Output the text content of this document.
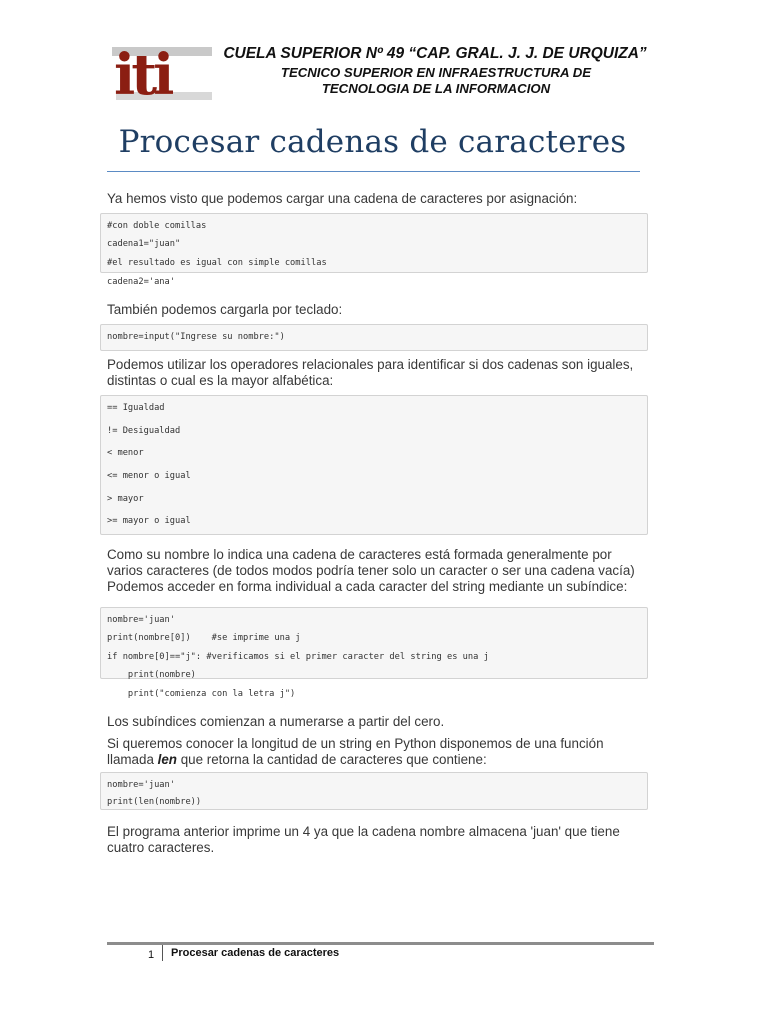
iti	CUELA SUPERIOR Nº 49 “CAP. GRAL. J. J. DE URQUIZA”
TECNICO SUPERIOR EN INFRAESTRUCTURA DE
TECNOLOGIA DE LA INFORMACION
Procesar cadenas de caracteres
Ya hemos visto que podemos cargar una cadena de caracteres por asignación:
#con doble comillas
cadena1="juan"
#el resultado es igual con simple comillas
cadena2='ana'
También podemos cargarla por teclado:
nombre=input("Ingrese su nombre:")
Podemos utilizar los operadores relacionales para identificar si dos cadenas son iguales, distintas o cual es la mayor alfabética:
== Igualdad
!= Desigualdad
< menor
<= menor o igual
> mayor
>= mayor o igual
Como su nombre lo indica una cadena de caracteres está formada generalmente por varios caracteres (de todos modos podría tener solo un caracter o ser una cadena vacía) Podemos acceder en forma individual a cada caracter del string mediante un subíndice:
nombre='juan'
print(nombre[0])    #se imprime una j
if nombre[0]=="j": #verificamos si el primer caracter del string es una j
print(nombre)
print("comienza con la letra j")
Los subíndices comienzan a numerarse a partir del cero.
Si queremos conocer la longitud de un string en Python disponemos de una función llamada len que retorna la cantidad de caracteres que contiene:
nombre='juan'
print(len(nombre))
El programa anterior imprime un 4 ya que la cadena nombre almacena 'juan' que tiene cuatro caracteres.
1 Procesar cadenas de caracteres
